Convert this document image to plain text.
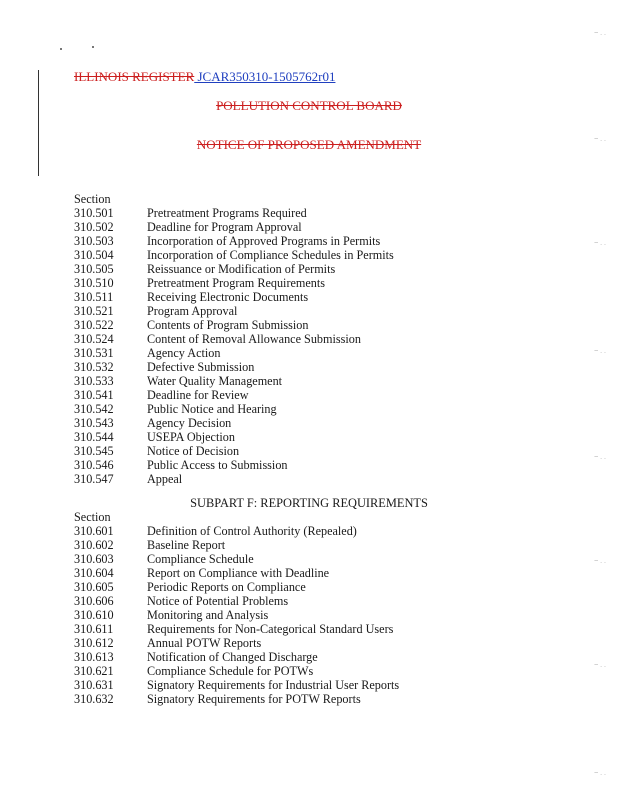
~ . .
~ . .
~ . .
~ . .
~ . .
~ . .
~ . .
~ . .
ILLINOIS REGISTER JCAR350310-1505762r01
POLLUTION CONTROL BOARD
NOTICE OF PROPOSED AMENDMENT
Section
310.501	Pretreatment Programs Required
310.502	Deadline for Program Approval
310.503	Incorporation of Approved Programs in Permits
310.504	Incorporation of Compliance Schedules in Permits
310.505	Reissuance or Modification of Permits
310.510	Pretreatment Program Requirements
310.511	Receiving Electronic Documents
310.521	Program Approval
310.522	Contents of Program Submission
310.524	Content of Removal Allowance Submission
310.531	Agency Action
310.532	Defective Submission
310.533	Water Quality Management
310.541	Deadline for Review
310.542	Public Notice and Hearing
310.543	Agency Decision
310.544	USEPA Objection
310.545	Notice of Decision
310.546	Public Access to Submission
310.547	Appeal
SUBPART F: REPORTING REQUIREMENTS
Section
310.601	Definition of Control Authority (Repealed)
310.602	Baseline Report
310.603	Compliance Schedule
310.604	Report on Compliance with Deadline
310.605	Periodic Reports on Compliance
310.606	Notice of Potential Problems
310.610	Monitoring and Analysis
310.611	Requirements for Non-Categorical Standard Users
310.612	Annual POTW Reports
310.613	Notification of Changed Discharge
310.621	Compliance Schedule for POTWs
310.631	Signatory Requirements for Industrial User Reports
310.632	Signatory Requirements for POTW Reports
